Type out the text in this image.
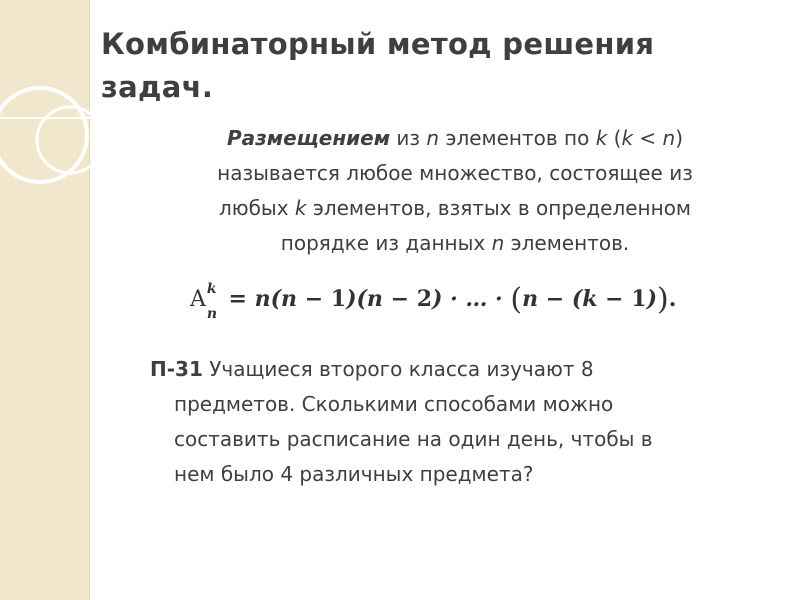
Комбинаторный метод решения
задач.
Размещением из n элементов по k (k < n)
называется любое множество, состоящее из
любых k элементов, взятых в определенном
порядке из данных n элементов.
A k
n
= n(n − 1)(n − 2) · … · (n − (k − 1)).
П-31 Учащиеся второго класса изучают 8
предметов. Сколькими способами можно
составить расписание на один день, чтобы в
нем было 4 различных предмета?
